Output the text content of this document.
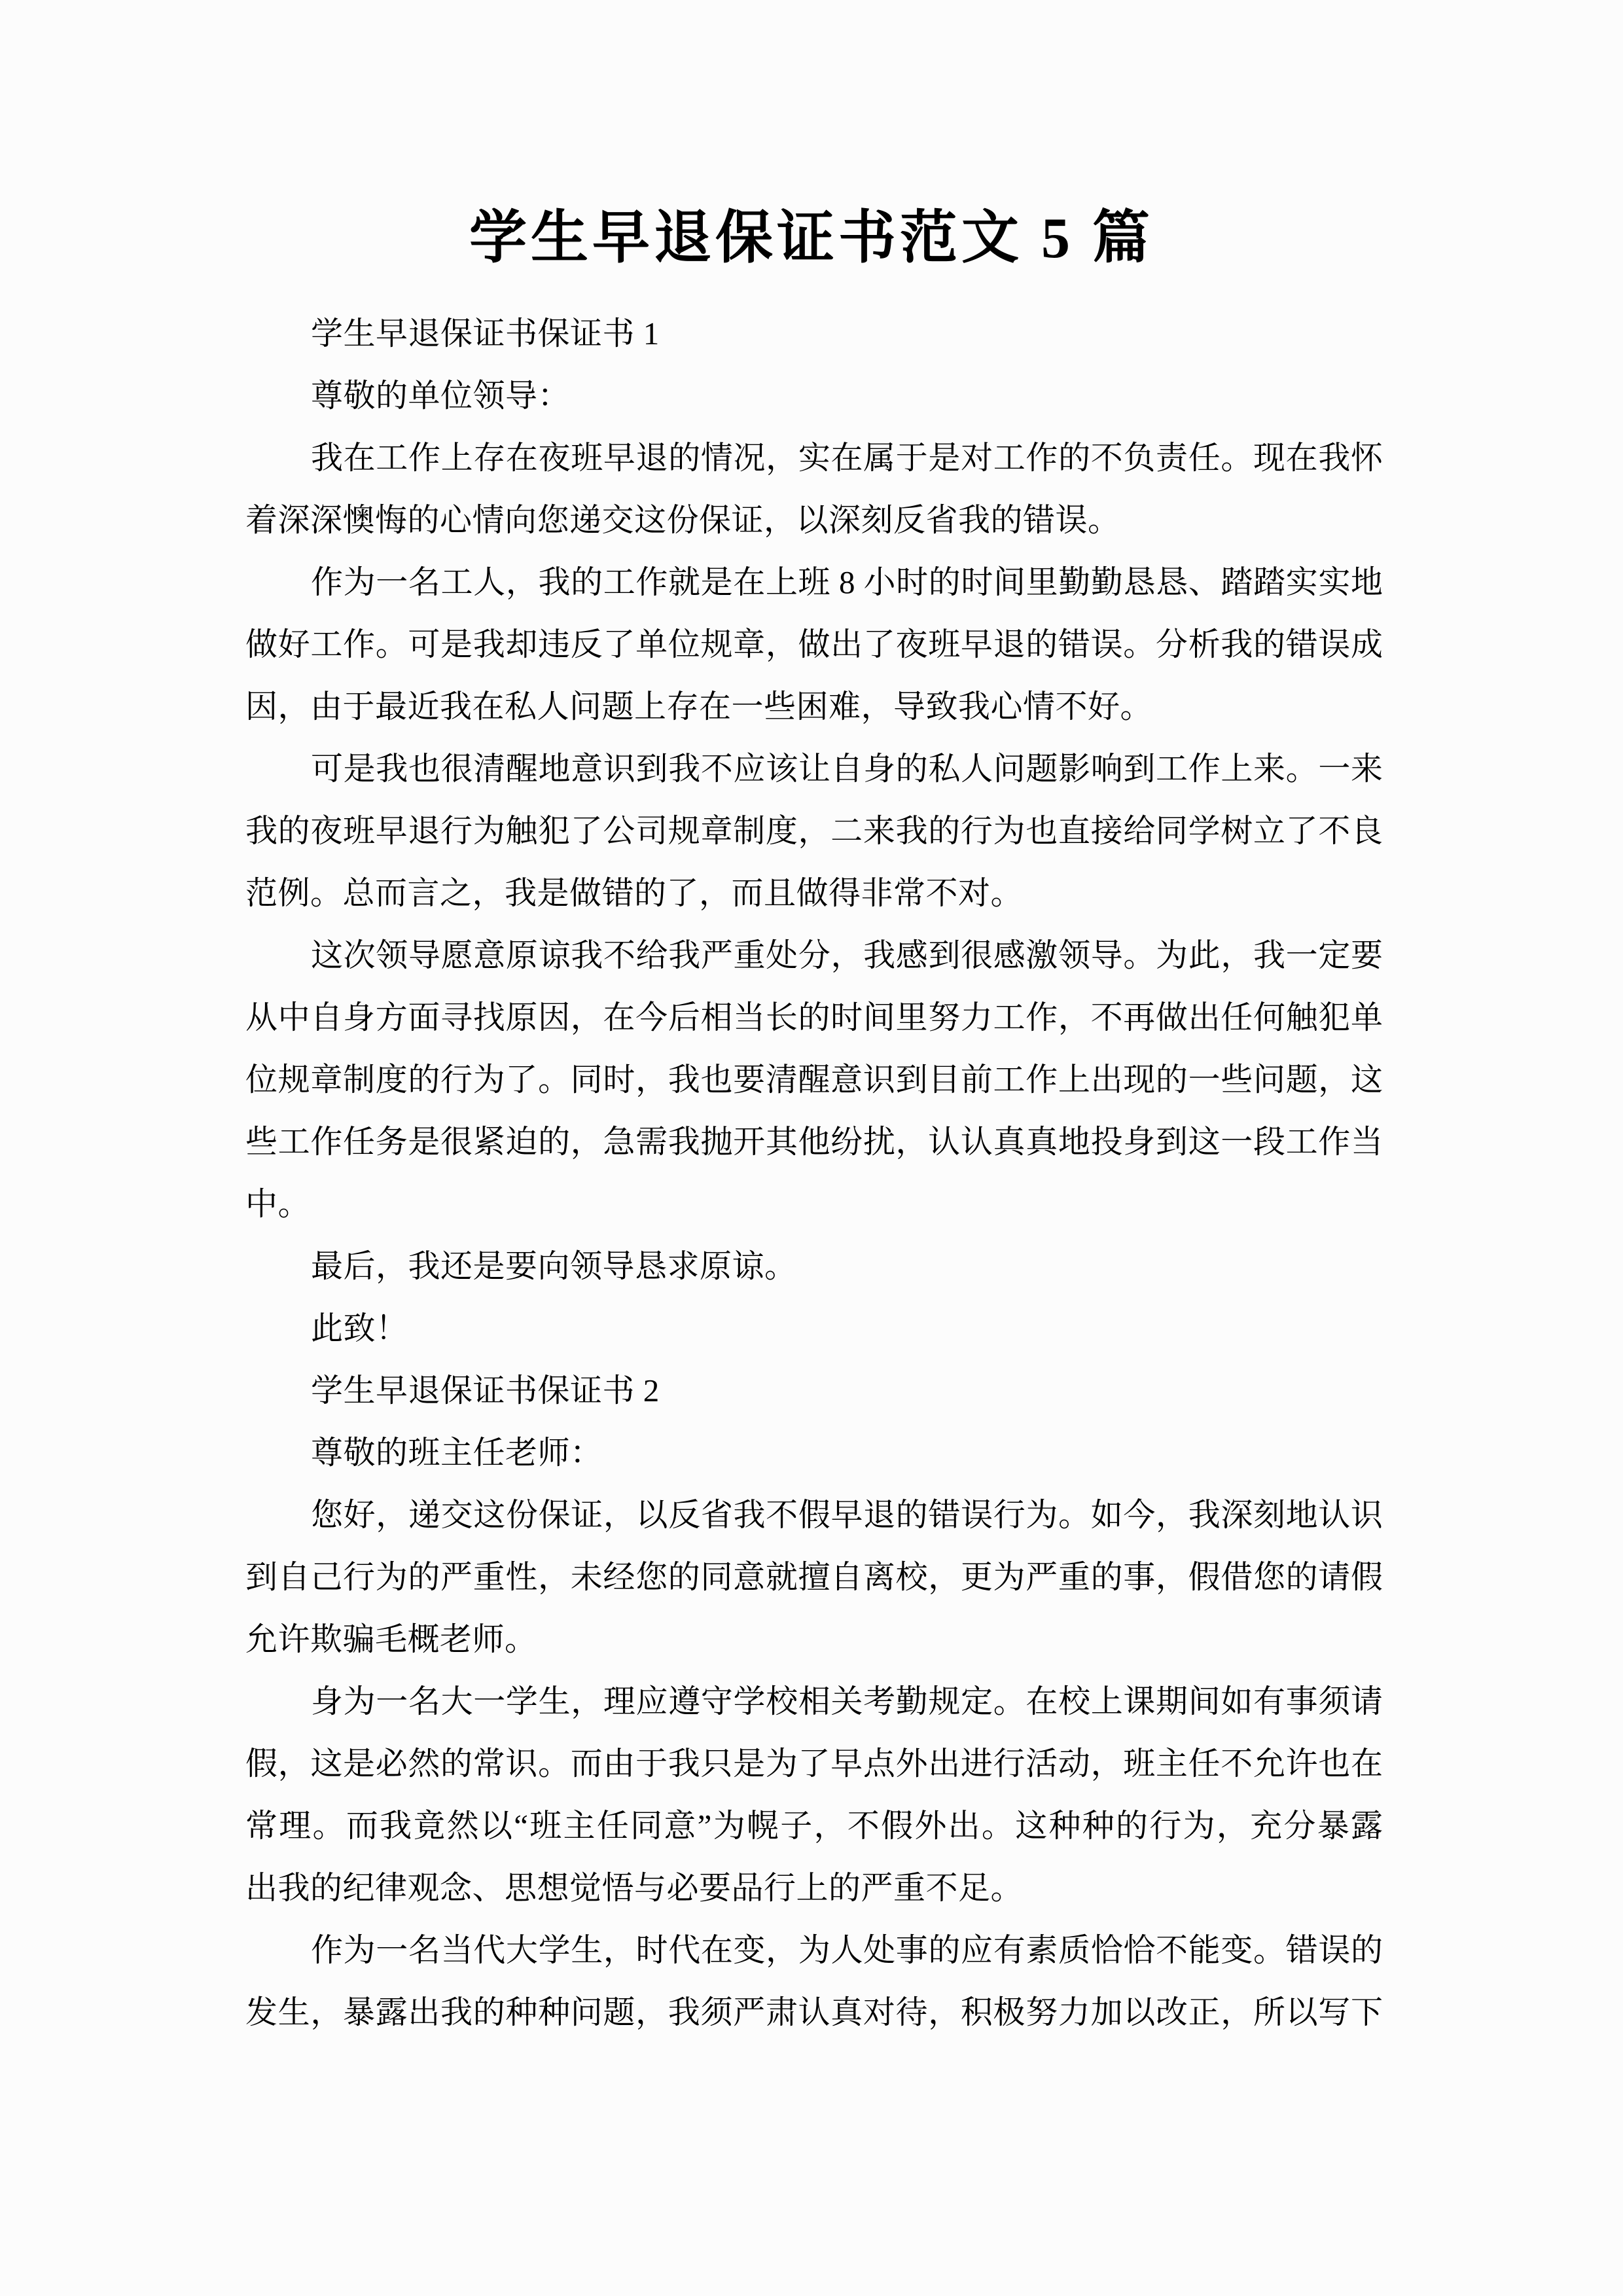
学生早退保证书范文 5 篇
学生早退保证书保证书 1
尊敬的单位领导：
我在工作上存在夜班早退的情况，实在属于是对工作的不负责任。现在我怀
着深深懊悔的心情向您递交这份保证，以深刻反省我的错误。
作为一名工人，我的工作就是在上班 8 小时的时间里勤勤恳恳、踏踏实实地
做好工作。可是我却违反了单位规章，做出了夜班早退的错误。分析我的错误成
因，由于最近我在私人问题上存在一些困难，导致我心情不好。
可是我也很清醒地意识到我不应该让自身的私人问题影响到工作上来。一来
我的夜班早退行为触犯了公司规章制度，二来我的行为也直接给同学树立了不良
范例。总而言之，我是做错的了，而且做得非常不对。
这次领导愿意原谅我不给我严重处分，我感到很感激领导。为此，我一定要
从中自身方面寻找原因，在今后相当长的时间里努力工作，不再做出任何触犯单
位规章制度的行为了。同时，我也要清醒意识到目前工作上出现的一些问题，这
些工作任务是很紧迫的，急需我抛开其他纷扰，认认真真地投身到这一段工作当
中。
最后，我还是要向领导恳求原谅。
此致！
学生早退保证书保证书 2
尊敬的班主任老师：
您好，递交这份保证，以反省我不假早退的错误行为。如今，我深刻地认识
到自己行为的严重性，未经您的同意就擅自离校，更为严重的事，假借您的请假
允许欺骗毛概老师。
身为一名大一学生，理应遵守学校相关考勤规定。在校上课期间如有事须请
假，这是必然的常识。而由于我只是为了早点外出进行活动，班主任不允许也在
常理。而我竟然以“班主任同意”为幌子，不假外出。这种种的行为，充分暴露
出我的纪律观念、思想觉悟与必要品行上的严重不足。
作为一名当代大学生，时代在变，为人处事的应有素质恰恰不能变。错误的
发生，暴露出我的种种问题，我须严肃认真对待，积极努力加以改正，所以写下
